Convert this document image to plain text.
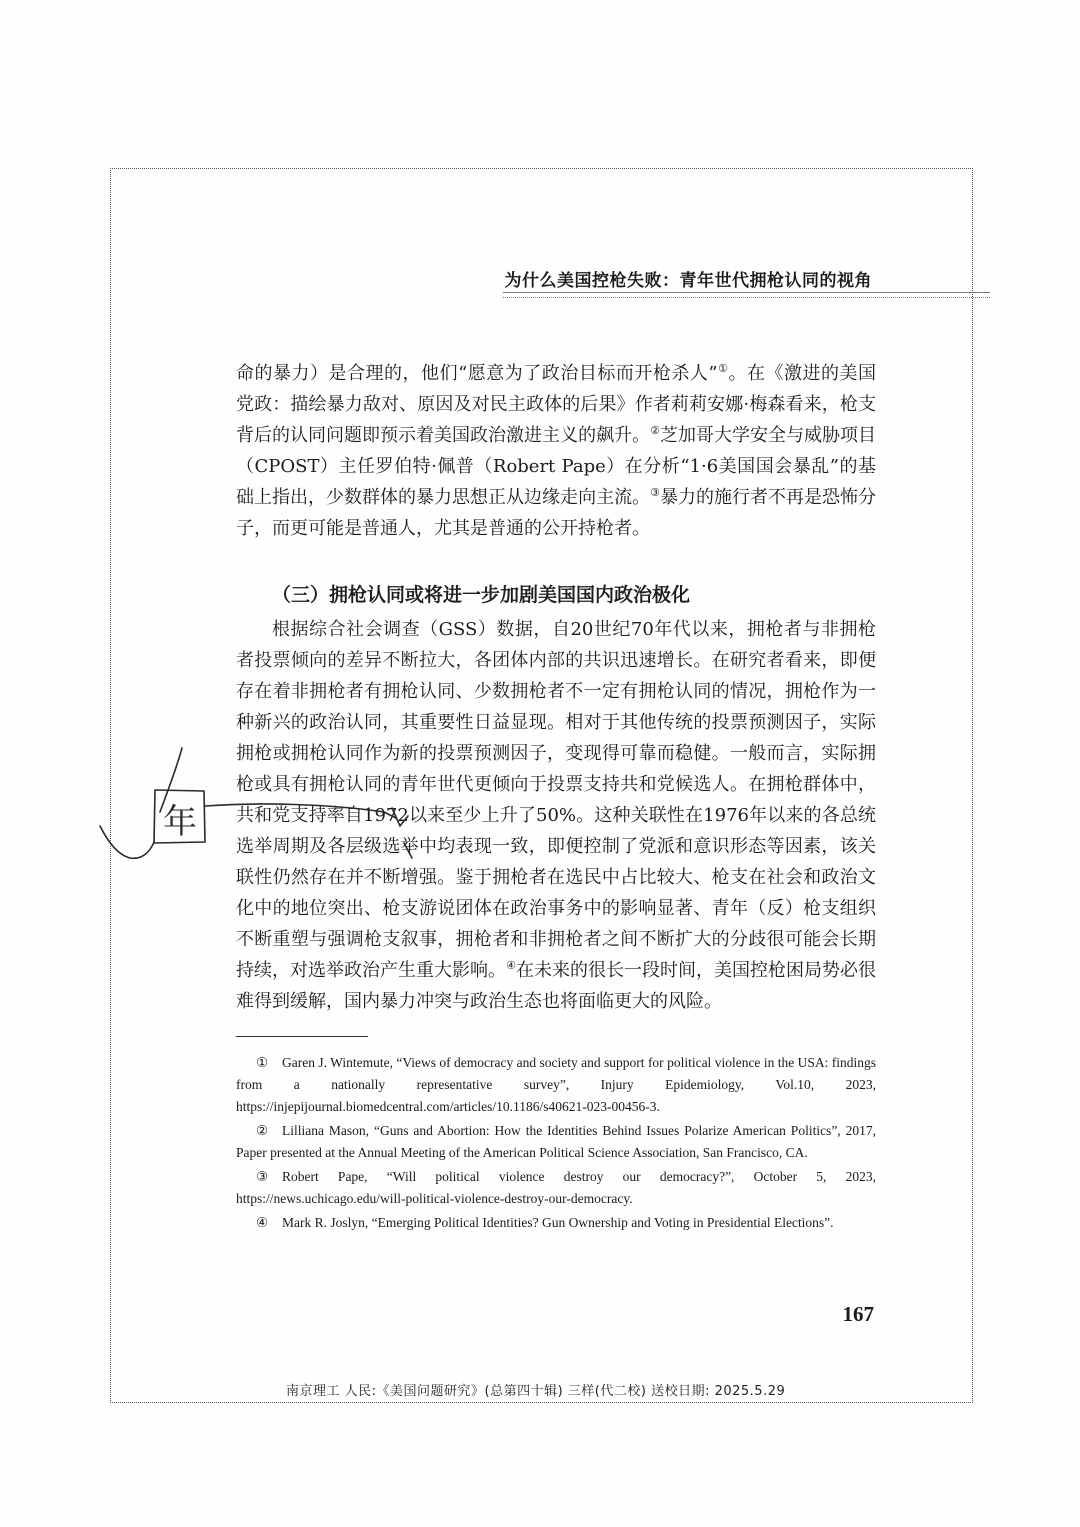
为什么美国控枪失败：青年世代拥枪认同的视角

命的暴力）是合理的，他们“愿意为了政治目标而开枪杀人”①。在《激进的美国党政：描绘暴力敌对、原因及对民主政体的后果》作者莉莉安娜·梅森看来，枪支背后的认同问题即预示着美国政治激进主义的飙升。②芝加哥大学安全与威胁项目（CPOST）主任罗伯特·佩普（Robert Pape）在分析“1·6美国国会暴乱”的基础上指出，少数群体的暴力思想正从边缘走向主流。③暴力的施行者不再是恐怖分子，而更可能是普通人，尤其是普通的公开持枪者。

（三）拥枪认同或将进一步加剧美国国内政治极化

根据综合社会调查（GSS）数据，自20世纪70年代以来，拥枪者与非拥枪者投票倾向的差异不断拉大，各团体内部的共识迅速增长。在研究者看来，即便存在着非拥枪者有拥枪认同、少数拥枪者不一定有拥枪认同的情况，拥枪作为一种新兴的政治认同，其重要性日益显现。相对于其他传统的投票预测因子，实际拥枪或拥枪认同作为新的投票预测因子，变现得可靠而稳健。一般而言，实际拥枪或具有拥枪认同的青年世代更倾向于投票支持共和党候选人。在拥枪群体中，共和党支持率自1972以来至少上升了50%。这种关联性在1976年以来的各总统选举周期及各层级选举中均表现一致，即便控制了党派和意识形态等因素，该关联性仍然存在并不断增强。鉴于拥枪者在选民中占比较大、枪支在社会和政治文化中的地位突出、枪支游说团体在政治事务中的影响显著、青年（反）枪支组织不断重塑与强调枪支叙事，拥枪者和非拥枪者之间不断扩大的分歧很可能会长期持续，对选举政治产生重大影响。④在未来的很长一段时间，美国控枪困局势必很难得到缓解，国内暴力冲突与政治生态也将面临更大的风险。

① Garen J. Wintemute, “Views of democracy and society and support for political violence in the USA: findings from a nationally representative survey”, Injury Epidemiology, Vol.10, 2023, https://injepijournal.biomedcentral.com/articles/10.1186/s40621-023-00456-3.

② Lilliana Mason, “Guns and Abortion: How the Identities Behind Issues Polarize American Politics”, 2017, Paper presented at the Annual Meeting of the American Political Science Association, San Francisco, CA.

③ Robert Pape, “Will political violence destroy our democracy?”, October 5, 2023, https://news.uchicago.edu/will-political-violence-destroy-our-democracy.

④ Mark R. Joslyn, “Emerging Political Identities? Gun Ownership and Voting in Presidential Elections”.

167
南京理工 人民:《美国问题研究》(总第四十辑) 三样(代二校) 送校日期: 2025.5.29
年
